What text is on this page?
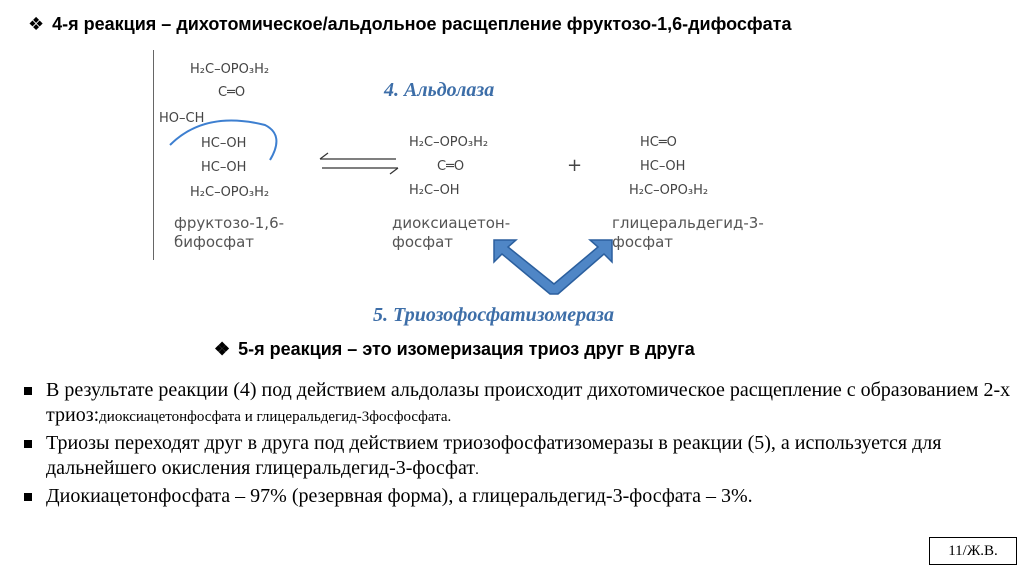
❖ 4-я реакция – дихотомическое/альдольное расщепление фруктозо-1,6-дифосфата
H₂C–OPO₃H₂
C═O
HO–CH
HC–OH
HC–OH
H₂C–OPO₃H₂
фруктозо-1,6-
бифосфат
4. Альдолаза
H₂C–OPO₃H₂
C═O
H₂C–OH
диоксиацетон-
фосфат
+
HC═O
HC–OH
H₂C–OPO₃H₂
глицеральдегид-3-
фосфат
5. Триозофосфатизомераза
❖ 5-я реакция – это изомеризация триоз друг в друга
В результате реакции (4) под действием альдолазы происходит дихотомическое расщепление с образованием 2-х триоз:диоксиацетонфосфата и глицеральдегид-3фосфосфата.
Триозы переходят друг в друга под действием триозофосфатизомеразы в реакции (5), а используется для дальнейшего окисления глицеральдегид-3-фосфат.
Диокиацетонфосфата – 97% (резервная форма), а глицеральдегид-3-фосфата – 3%.
11/Ж.В.
